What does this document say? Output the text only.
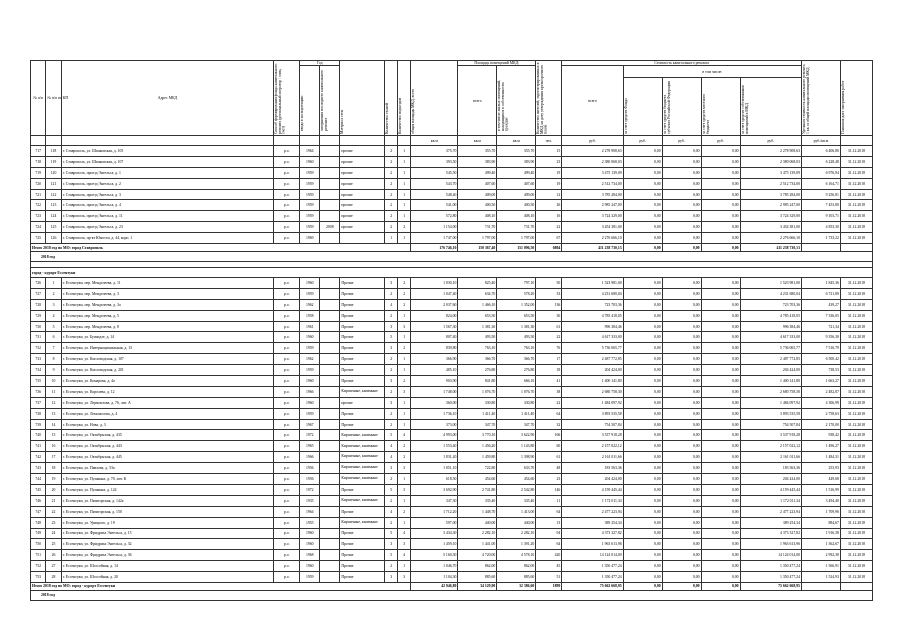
№ п/п	№ п/п по КП	Адрес МКД	Способ формирования фонда капитального ремонта (региональный оператор / спец. счет)	Год		Материал стен	Количество этажей	Количество подъездов	общая площадь МКД, всего	Площадь помещений МКД:		Количество жителей, зарегистрированных в МКД на дату утверждения краткосрочного плана	Стоимость капитального ремонта					Удельная стоимость капитального ремонта 1 кв. м общей площади помещений МКД	Плановая дата завершения работ

				ввода в эксплуатацию	завершения последнего капитального ремонта					всего	в том числе жилых помещений, находящихся в собственности граждан		всего	в том числе:					

														за счет средств Фонда	за счет средств бюджета субъекта Российской Федерации	за счет средств местного бюджета	за счет средств собственников помещений в МКД		

									кв.м	кв.м	кв.м	чел.	руб.	руб.	руб.	руб.	руб.	руб./кв.м	
717	118	г. Ставрополь, ул. Шпаковская, д. 105	р.о.	1964		прочие	2	1	375,70	355,70	355,70	15	2 278 908,63	0,00	0,00	0,00	2 278 908,63	6 406,80	31.12.2018
718	119	г. Ставрополь, ул. Шпаковская, д. 107	р.о.	1960		прочие	2	1	393,50	383,90	383,90	23	2 380 068,03	0,00	0,00	0,00	2 380 068,03	6 228,48	31.12.2018
719	120	г. Ставрополь, проезд Энгельса, д. 1	р.о.	1959		прочие	2	1	545,50	499,40	499,40	19	3 475 139,09	0,00	0,00	0,00	3 475 139,09	6 976,94	31.12.2018
720	121	г. Ставрополь, проезд Энгельса, д. 2	р.о.	1959		прочие	2	1	543,70	407,60	407,60	19	2 512 734,00	0,00	0,00	0,00	2 512 734,00	6 164,71	31.12.2018
721	122	г. Ставрополь, проезд Энгельса, д. 3	р.о.	1959		прочие	2	1	548,40	409,00	409,00	12	3 785 284,00	0,00	0,00	0,00	3 785 284,00	9 256,81	31.12.2018
722	123	г. Ставрополь, проезд Энгельса, д. 4	р.о.	1959		прочие	2	1	541,00	400,50	400,50	26	2 985 247,00	0,00	0,00	0,00	2 985 247,00	7 453,80	31.12.2018
723	124	г. Ставрополь, проезд Энгельса, д. 11	р.о.	1959		прочие	2	1	572,80	408,10	408,10	16	3 724 329,00	0,00	0,00	0,00	3 724 329,00	9 103,71	31.12.2018
724	125	г. Ставрополь, проезд Энгельса, д. 23	р.о.	1959	2008	прочие	2	2	1 154,00	731,70	731,70	22	3 454 381,00	0,00	0,00	0,00	3 454 381,00	4 853,30	31.12.2018
725	126	г. Ставрополь, пр-кт Юности, д. 44, корп. 1	р.о.	1969			1	1	1 747,00	1 797,00	1 797,00	67	2 276 666,10	0,00	0,00	0,00	2 276 666,10	1 733,22	31.12.2018
Итого 2018 год по МО: город Ставрополь									176 746,10	150 367,40	151 096,50	6804	411 238 730,13	0,00	0,00	0,00	411 238 730,13		
2018 год																			

город - курорт Ессентуки																			
726	1	г. Ессентуки, пер. Менделеева, д. 11	р.о.	1960		Прочие	3	2	1 030,10	825,40	797,10	50	1 523 981,00	0,00	0,00	0,00	1 523 981,00	1 845,36	31.12.2018
727	2	г. Ессентуки, пер. Менделеева, д. 3	р.о.	1959		Прочие	2	2	1 047,40	634,70	578,20	33	4 231 680,04	0,00	0,00	0,00	4 231 680,04	6 721,80	31.12.2018
728	3	г. Ессентуки, пер. Менделеева, д. 3а	р.о.	1962		Прочие	4	2	2 037,60	1 466,10	1 352,00	136	723 703,36	0,00	0,00	0,00	723 703,36	439,27	31.12.2018
729	4	г. Ессентуки, пер. Менделеева, д. 5	р.о.	1958		Прочие	2	1	824,00	653,50	653,50	30	4 785 418,05	0,00	0,00	0,00	4 785 418,05	7 336,05	31.12.2018
730	5	г. Ессентуки, пер. Менделеева, д. 8	р.о.	1961		Прочие	3	3	1 567,30	1 381,30	1 381,30	61	996 384,46	0,00	0,00	0,00	996 384,46	721,34	31.12.2018
731	6	г. Ессентуки, ул. Буачидзе, д. 14	р.о.	1960		Прочие	5	1	807,40	493,50	493,50	22	4 617 333,00	0,00	0,00	0,00	4 617 333,00	9 356,30	31.12.2018
732	7	г. Ессентуки, ул. Интернациональная, д. 13	р.о.	1959		Прочие	3	2	839,80	763,10	763,10	76	5 736 065,77	0,00	0,00	0,00	5 736 065,77	7 516,79	31.12.2018
733	8	г. Ессентуки, ул. Кисловодская, д. 107	р.о.	1962		Прочие	2	1	366,90	366,70	366,70	17	2 487 772,85	0,00	0,00	0,00	2 487 772,85	6 500,42	31.12.2018
734	9	г. Ессентуки, ул. Кисловодская, д. 201	р.о.	1959		Прочие	2	1	485,10	276,80	276,80	18	204 424,00	0,00	0,00	0,00	204 424,00	738,53	31.12.2018
735	10	г. Ессентуки, ул. Комарова, д. 4а	р.о.	1960		Прочие	3	2	903,90	841,80	666,10	41	1 400 141,80	0,00	0,00	0,00	1 400 141,80	1 663,27	31.12.2018
736	11	г. Ессентуки, ул. Королева, д. 12	р.о.	1966		Кирпичные, каменные	2	3	1 748,00	1 076,70	1 076,70	38	2 680 758,30	0,00	0,00	0,00	2 680 758,30	2 482,87	31.12.2018
737	12	г. Ессентуки, ул. Лермонтова, д. 76, лит. А	р.о.	1960		прочие	3	1	360,00	330,80	330,80	22	1 484 097,92	0,00	0,00	0,00	1 484 097,92	4 306,99	31.12.2018
738	13	г. Ессентуки, ул. Ломоносова, д. 4	р.о.	1959		Прочие	2	1	1 736,10	1 411,40	1 411,40	64	3 893 535,58	0,00	0,00	0,00	3 893 535,58	2 758,63	31.12.2018
739	14	г. Ессентуки, ул. Нова, д. 3	р.о.	1967		Прочие	2	1	373,00	347,70	347,70	32	754 507,84	0,00	0,00	0,00	754 507,84	2 170,00	31.12.2018
740	15	г. Ессентуки, ул. Октябрьская, д. 435	р.о.	1972		Кирпичные, каменные	5	4	4 993,00	3 770,10	3 622,90	166	3 537 918,28	0,00	0,00	0,00	3 537 918,28	938,42	31.12.2018
741	16	г. Ессентуки, ул. Октябрьская, д. 443	р.о.	1965		Кирпичные, каменные	4	2	1 553,40	1 456,20	1 143,80	60	2 157 022,12	0,00	0,00	0,00	2 157 022,12	1 496,27	31.12.2018
742	17	г. Ессентуки, ул. Октябрьская, д. 445	р.о.	1966		Кирпичные, каменные	4	2	1 831,20	1 459,80	1 398,90	61	2 161 011,66	0,00	0,00	0,00	2 161 011,66	1 484,31	31.12.2018
743	18	г. Ессентуки, ул. Павлова, д. 53а	р.о.	1956		Кирпичные, каменные	3	3	1 051,10	722,80	633,70	48	183 563,36	0,00	0,00	0,00	183 563,36	253,93	31.12.2018
744	19	г. Ессентуки, ул. Пушкина, д. 70, лит. К	р.о.	1956		Кирпичные, каменные	2	1	618,50	454,60	454,60	23	204 424,00	0,00	0,00	0,00	204 424,00	449,68	31.12.2018
745	20	г. Ессентуки, ул. Пушкина, д. 124	р.о.	1972		Прочие	5	3	3 692,90	2 741,80	2 542,80	146	4 159 445,44	0,00	0,00	0,00	4 159 445,44	1 516,99	31.12.2018
746	21	г. Ессентуки, ул. Пятигорская, д. 142а	р.о.	1935		Кирпичные, каменные	2	1	347,30	335,40	335,40	11	1 172 011,34	0,00	0,00	0,00	1 172 011,34	3 494,40	31.12.2018
747	22	г. Ессентуки, ул. Пятигорская, д. 150	р.о.	1964		Прочие	4	2	1 712,20	1 448,70	1 413,00	64	2 477 223,94	0,00	0,00	0,00	2 477 223,94	1 709,96	31.12.2018
748	23	г. Ессентуки, ул. Урицкого, д. 19	р.о.	1955		Кирпичные, каменные	2	1	597,00	440,00	440,00	13	389 254,34	0,00	0,00	0,00	389 254,34	884,67	31.12.2018
749	24	г. Ессентуки, ул. Фридриха Энгельса, д. 15	р.о.	1960		Прочие	5	4	3 434,30	2 282,10	2 282,10	94	4 373 327,82	0,00	0,00	0,00	4 373 327,82	1 916,38	31.12.2018
750	25	г. Ессентуки, ул. Фридриха Энгельса, д. 32	р.о.	1960		Прочие	3	3	1 459,10	1 441,00	1 391,20	64	1 963 613,96	0,00	0,00	0,00	1 963 613,96	1 362,67	31.12.2018
751	26	г. Ессентуки, ул. Фридриха Энгельса, д. 36	р.о.	1968		Прочие	5	4	5 160,30	4 720,00	4 578,10	420	14 124 014,00	0,00	0,00	0,00	14 124 014,00	2 992,38	31.12.2018
752	27	г. Ессентуки, ул. Шоссейная, д. 14	р.о.	1960		Прочие	2	1	1 046,70	862,00	862,00	45	1 350 477,24	0,00	0,00	0,00	1 350 477,24	1 566,91	31.12.2018
753	28	г. Ессентуки, ул. Шоссейная, д. 20	р.о.	1959		Прочие	3	3	1 104,30	885,60	885,60	51	1 350 477,24	0,00	0,00	0,00	1 350 477,24	1 524,93	31.12.2018
Итого 2018 год по МО: город - курорт Ессентуки									42 946,80	34 129,90	32 386,60	1899	75 662 668,95	0,00	0,00	0,00	75 662 668,95		
2018 год																			
